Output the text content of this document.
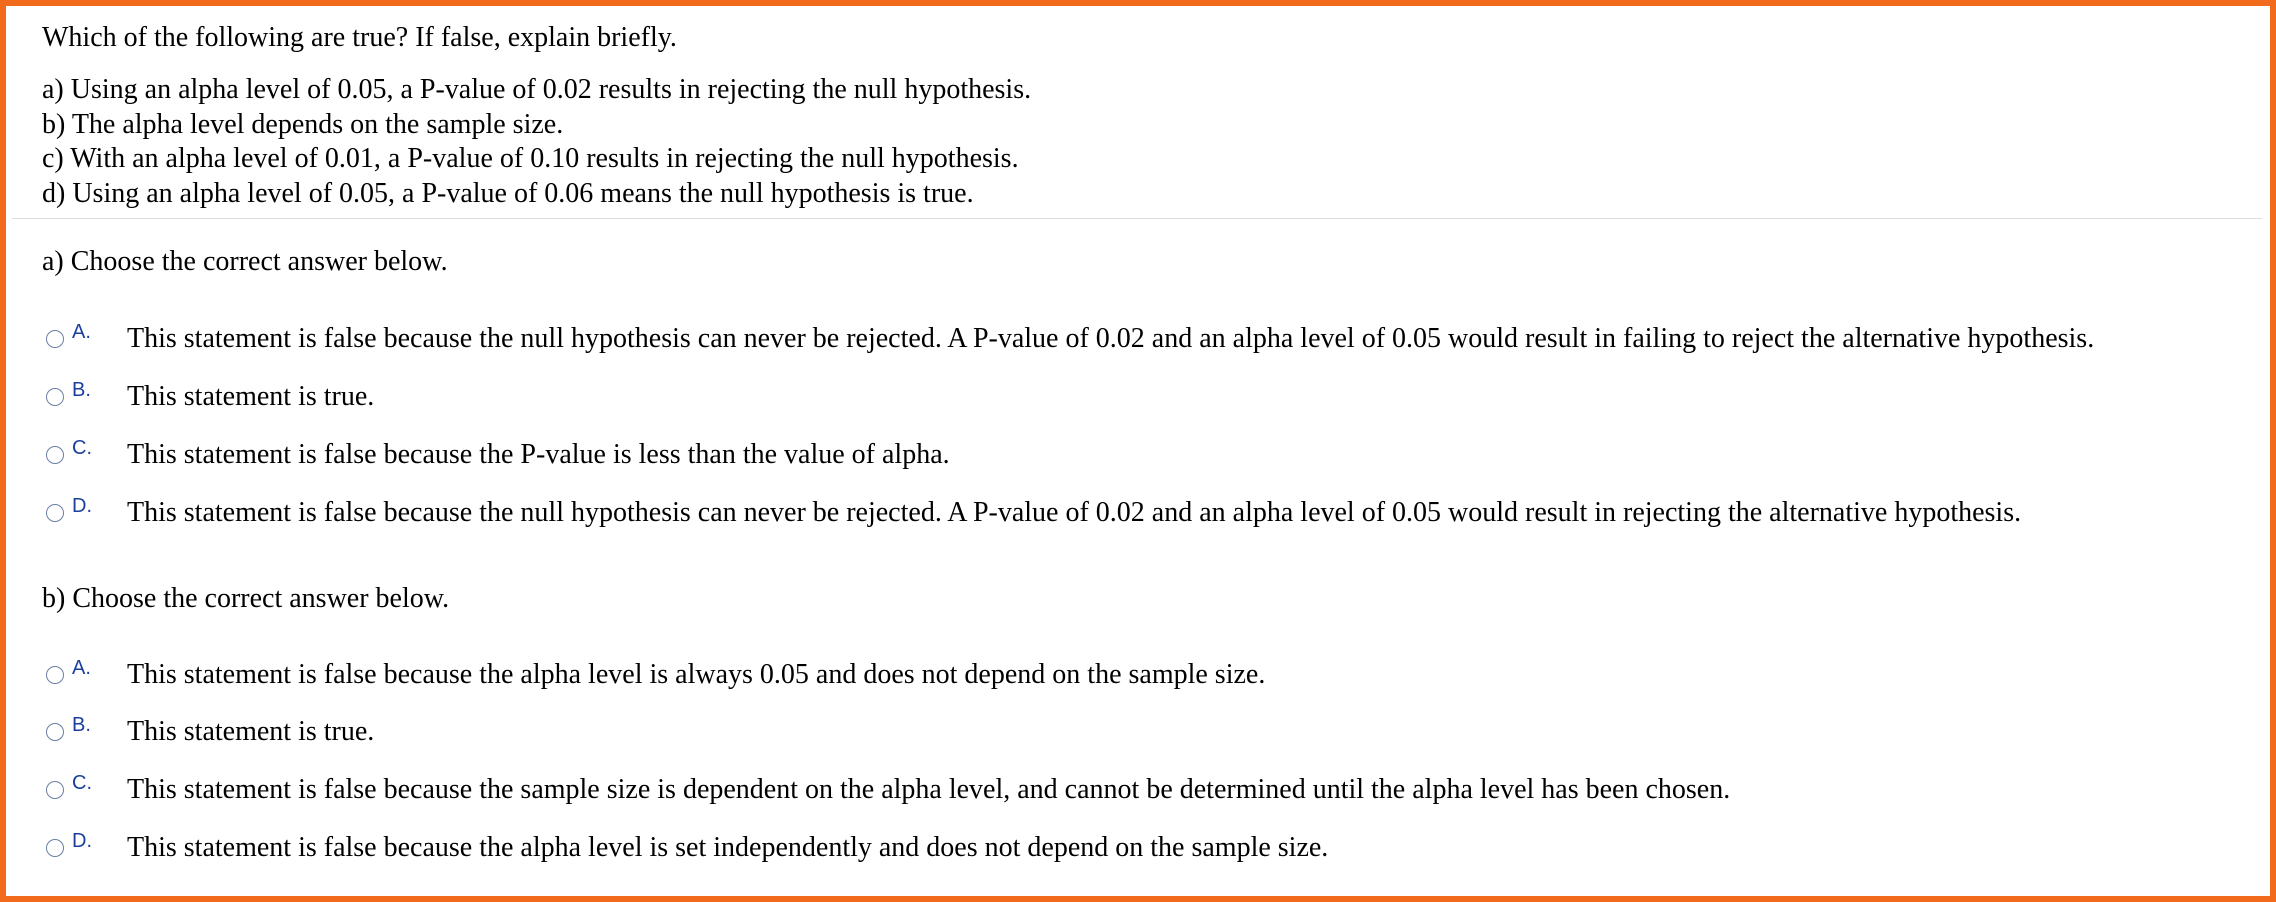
Which of the following are true? If false, explain briefly.
a) Using an alpha level of 0.05, a P-value of 0.02 results in rejecting the null hypothesis.
b) The alpha level depends on the sample size.
c) With an alpha level of 0.01, a P-value of 0.10 results in rejecting the null hypothesis.
d) Using an alpha level of 0.05, a P-value of 0.06 means the null hypothesis is true.
a) Choose the correct answer below.
A. This statement is false because the null hypothesis can never be rejected. A P-value of 0.02 and an alpha level of 0.05 would result in failing to reject the alternative hypothesis.
B. This statement is true.
C. This statement is false because the P-value is less than the value of alpha.
D. This statement is false because the null hypothesis can never be rejected. A P-value of 0.02 and an alpha level of 0.05 would result in rejecting the alternative hypothesis.
b) Choose the correct answer below.
A. This statement is false because the alpha level is always 0.05 and does not depend on the sample size.
B. This statement is true.
C. This statement is false because the sample size is dependent on the alpha level, and cannot be determined until the alpha level has been chosen.
D. This statement is false because the alpha level is set independently and does not depend on the sample size.
